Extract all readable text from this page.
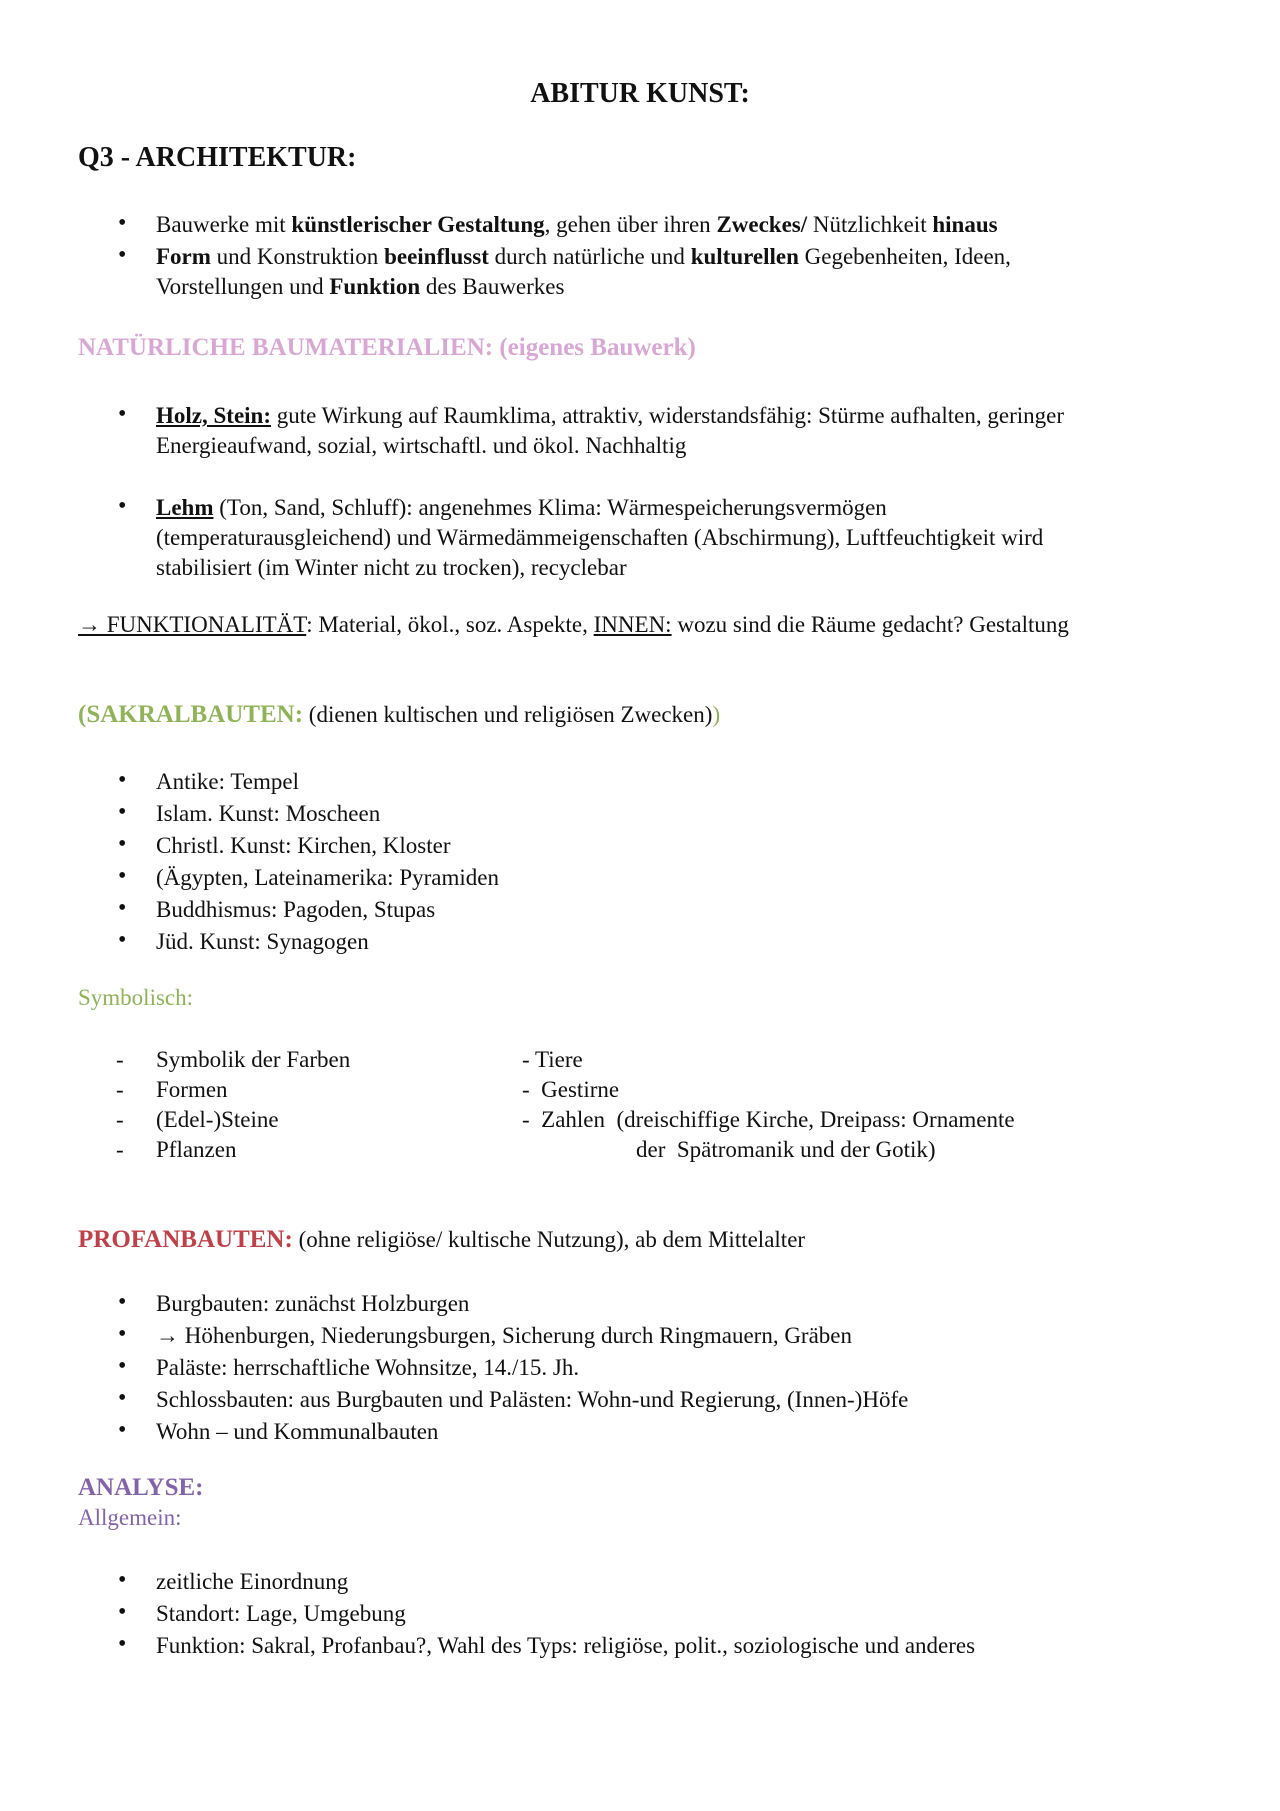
ABITUR KUNST:
Q3 - ARCHITEKTUR:
•
Bauwerke mit künstlerischer Gestaltung, gehen über ihren Zweckes/ Nützlichkeit hinaus
•
Form und Konstruktion beeinflusst durch natürliche und kulturellen Gegebenheiten, Ideen,
Vorstellungen und Funktion des Bauwerkes
NATÜRLICHE BAUMATERIALIEN: (eigenes Bauwerk)
•
Holz, Stein: gute Wirkung auf Raumklima, attraktiv, widerstandsfähig: Stürme aufhalten, geringer
Energieaufwand, sozial, wirtschaftl. und ökol. Nachhaltig
•
Lehm (Ton, Sand, Schluff): angenehmes Klima: Wärmespeicherungsvermögen
(temperaturausgleichend) und Wärmedämmeigenschaften (Abschirmung), Luftfeuchtigkeit wird
stabilisiert (im Winter nicht zu trocken), recyclebar
→ FUNKTIONALITÄT: Material, ökol., soz. Aspekte, INNEN: wozu sind die Räume gedacht? Gestaltung
(SAKRALBAUTEN: (dienen kultischen und religiösen Zwecken))
•
Antike: Tempel
•
Islam. Kunst: Moscheen
•
Christl. Kunst: Kirchen, Kloster
•
(Ägypten, Lateinamerika: Pyramiden
•
Buddhismus: Pagoden, Stupas
•
Jüd. Kunst: Synagogen
Symbolisch:
- Symbolik der Farben
- Formen
- (Edel-)Steine
- Pflanzen
- Tiere
-  Gestirne
-  Zahlen  (dreischiffige Kirche, Dreipass: Ornamente
der  Spätromanik und der Gotik)
PROFANBAUTEN: (ohne religiöse/ kultische Nutzung), ab dem Mittelalter
•
Burgbauten: zunächst Holzburgen
•
→ Höhenburgen, Niederungsburgen, Sicherung durch Ringmauern, Gräben
•
Paläste: herrschaftliche Wohnsitze, 14./15. Jh.
•
Schlossbauten: aus Burgbauten und Palästen: Wohn-und Regierung, (Innen-)Höfe
•
Wohn – und Kommunalbauten
ANALYSE:
Allgemein:
•
zeitliche Einordnung
•
Standort: Lage, Umgebung
•
Funktion: Sakral, Profanbau?, Wahl des Typs: religiöse, polit., soziologische und anderes
